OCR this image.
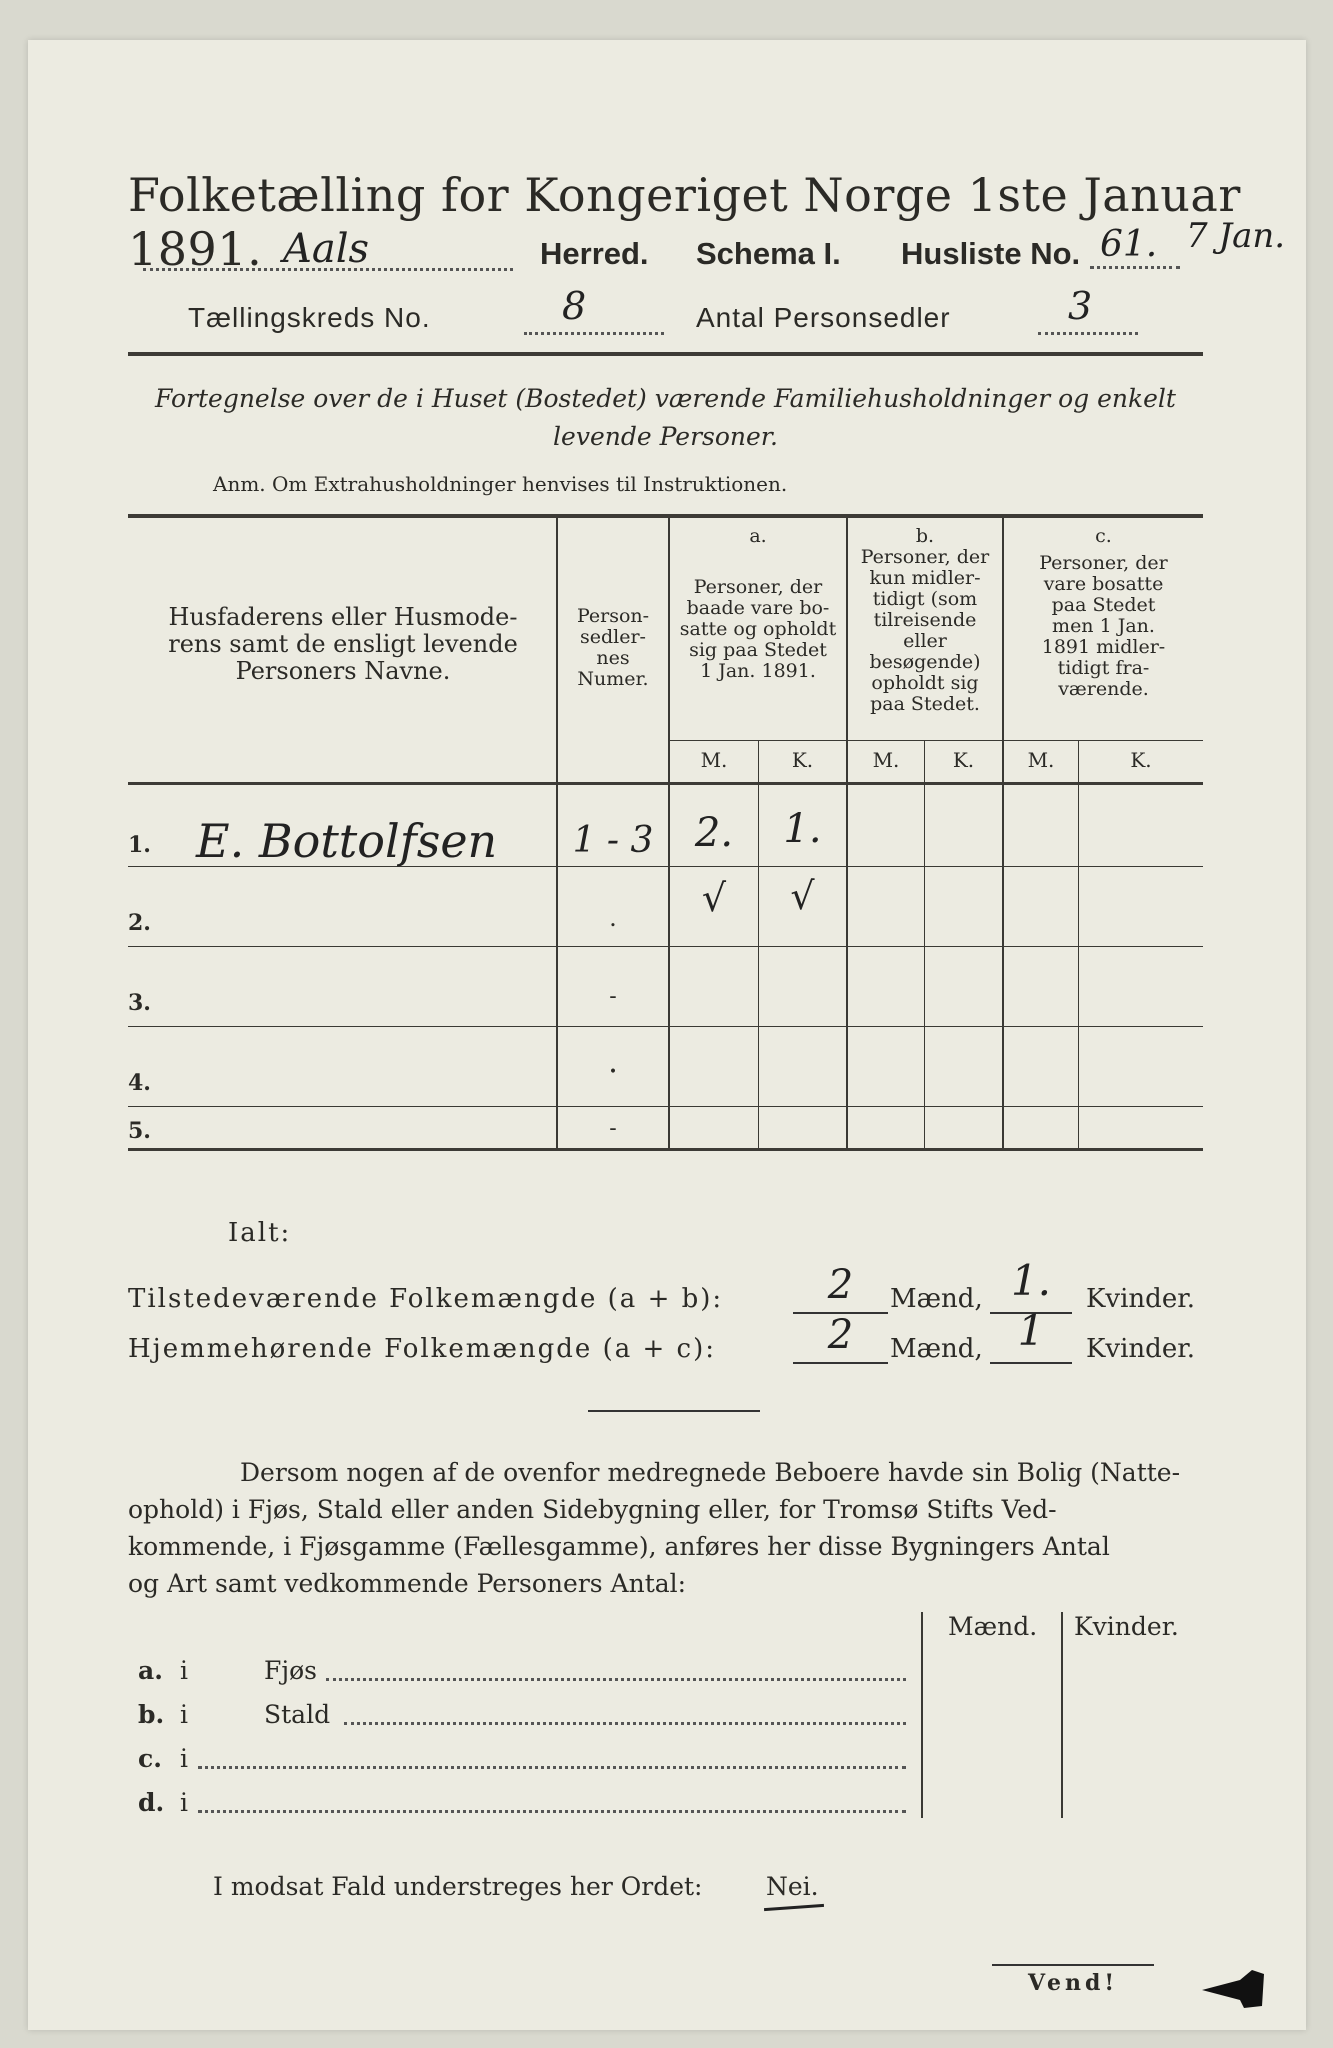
Folketælling for Kongeriget Norge 1ste Januar 1891. Aals	Herred. Schema I. Husliste No. 61. 7 Jan.
Tællingskreds No.	8	Antal Personsedler	3
Fortegnelse over de i Huset (Bostedet) værende Familiehusholdninger og enkelt
levende Personer.
Anm. Om Extrahusholdninger henvises til Instruktionen.
Husfaderens eller Husmode-
rens samt de ensligt levende
Personers Navne.
Person-
sedler-
nes
Numer.
a.
Personer, der
baade vare bo-
satte og opholdt
sig paa Stedet
1 Jan. 1891.
b.
Personer, der
kun midler-
tidigt (som
tilreisende
eller
besøgende)
opholdt sig
paa Stedet.
c.
Personer, der
vare bosatte
paa Stedet
men 1 Jan.
1891 midler-
tidigt fra-
værende.
M.	K.	M.	K.	M.	K.
1. E. Bottolfsen	1 - 3	2.	1.
2.	.	√	√
3.	-
4.	•
5.	-
Ialt:
Tilstedeværende Folkemængde (a + b):	2	Mænd, 1.	Kvinder.
Hjemmehørende Folkemængde (a + c):	2	Mænd, 1	Kvinder.
Dersom nogen af de ovenfor medregnede Beboere havde sin Bolig (Natte-
ophold) i Fjøs, Stald eller anden Sidebygning eller, for Tromsø Stifts Ved-
kommende, i Fjøsgamme (Fællesgamme), anføres her disse Bygningers Antal
og Art samt vedkommende Personers Antal:
Mænd. Kvinder.
a. i	Fjøs
b. i	Stald
c. i
d. i
I modsat Fald understreges her Ordet:	Nei.
Vend!
